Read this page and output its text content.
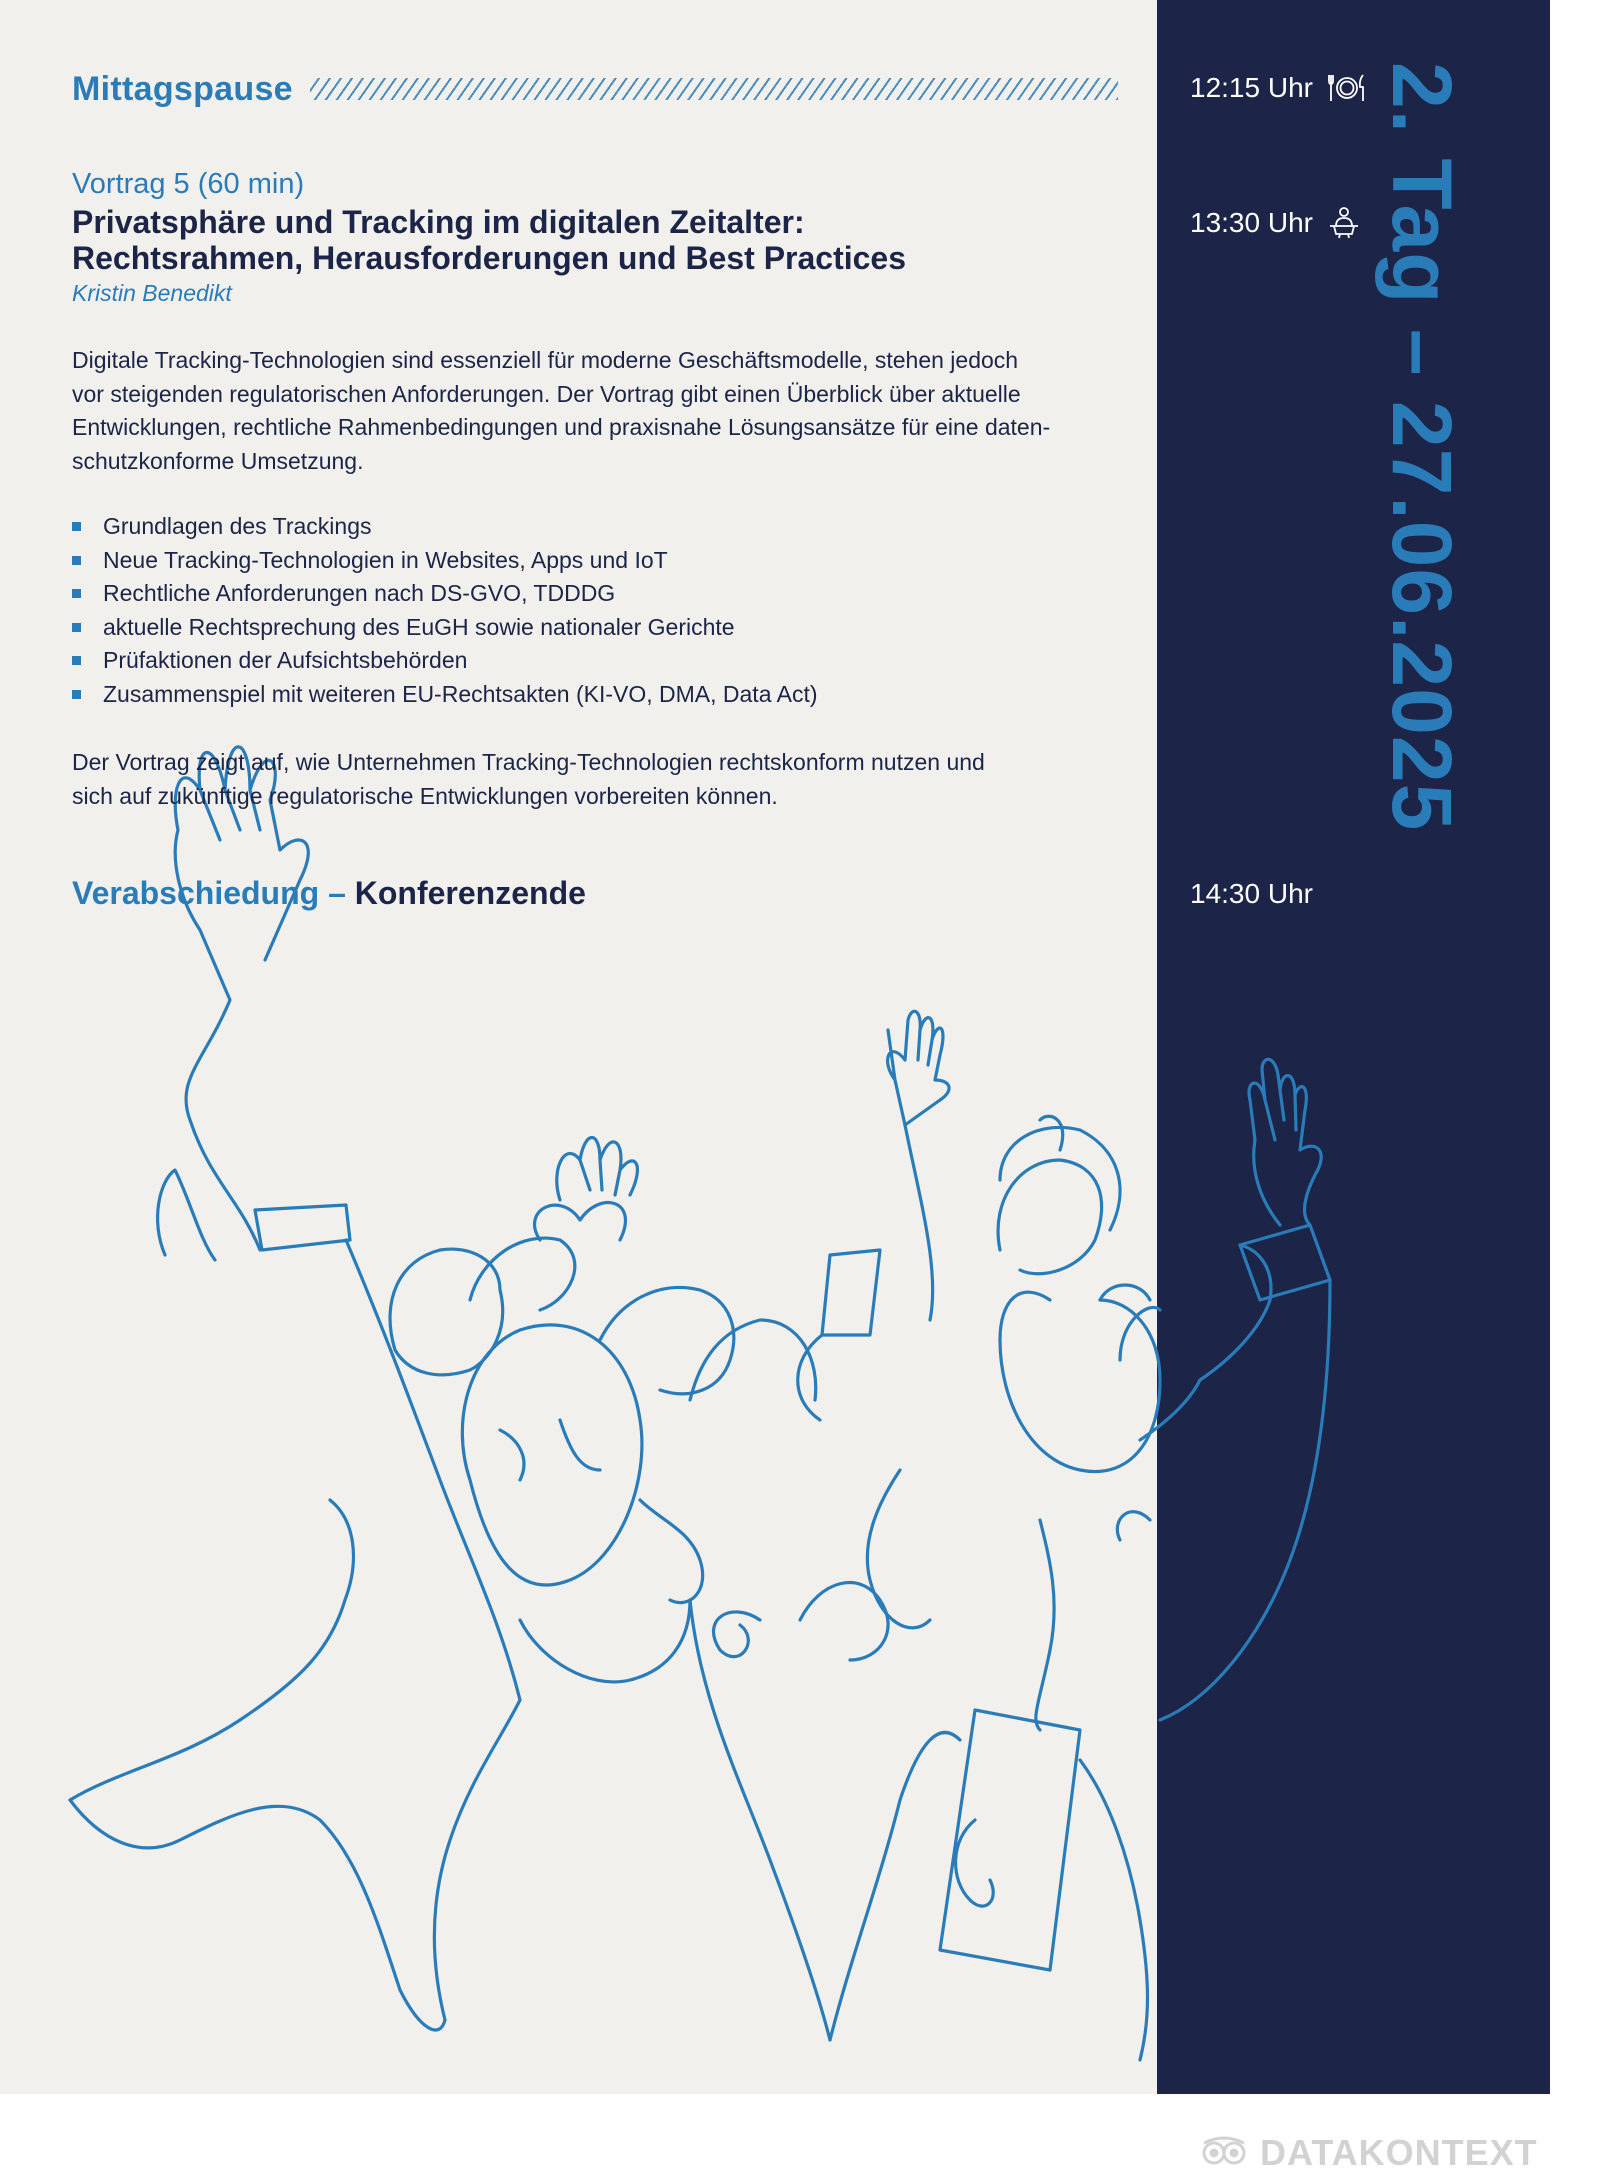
Mittagspause	12:15 Uhr
Vortrag 5 (60 min)
Privatsphäre und Tracking im digitalen Zeitalter:
Rechtsrahmen, Herausforderungen und Best Practices
Kristin Benedikt
13:30 Uhr
Digitale Tracking-Technologien sind essenziell für moderne Geschäftsmodelle, stehen jedoch
vor steigenden regulatorischen Anforderungen. Der Vortrag gibt einen Überblick über aktuelle
Entwicklungen, rechtliche Rahmenbedingungen und praxisnahe Lösungsansätze für eine daten-
schutzkonforme Umsetzung.
Grundlagen des Trackings
Neue Tracking-Technologien in Websites, Apps und IoT
Rechtliche Anforderungen nach DS-GVO, TDDDG
aktuelle Rechtsprechung des EuGH sowie nationaler Gerichte
Prüfaktionen der Aufsichtsbehörden
Zusammenspiel mit weiteren EU-Rechtsakten (KI-VO, DMA, Data Act)
Der Vortrag zeigt auf, wie Unternehmen Tracking-Technologien rechtskonform nutzen und
sich auf zukünftige regulatorische Entwicklungen vorbereiten können.
Verabschiedung – Konferenzende	14:30 Uhr
2. Tag – 27.06.2025
DATAKONTEXT
